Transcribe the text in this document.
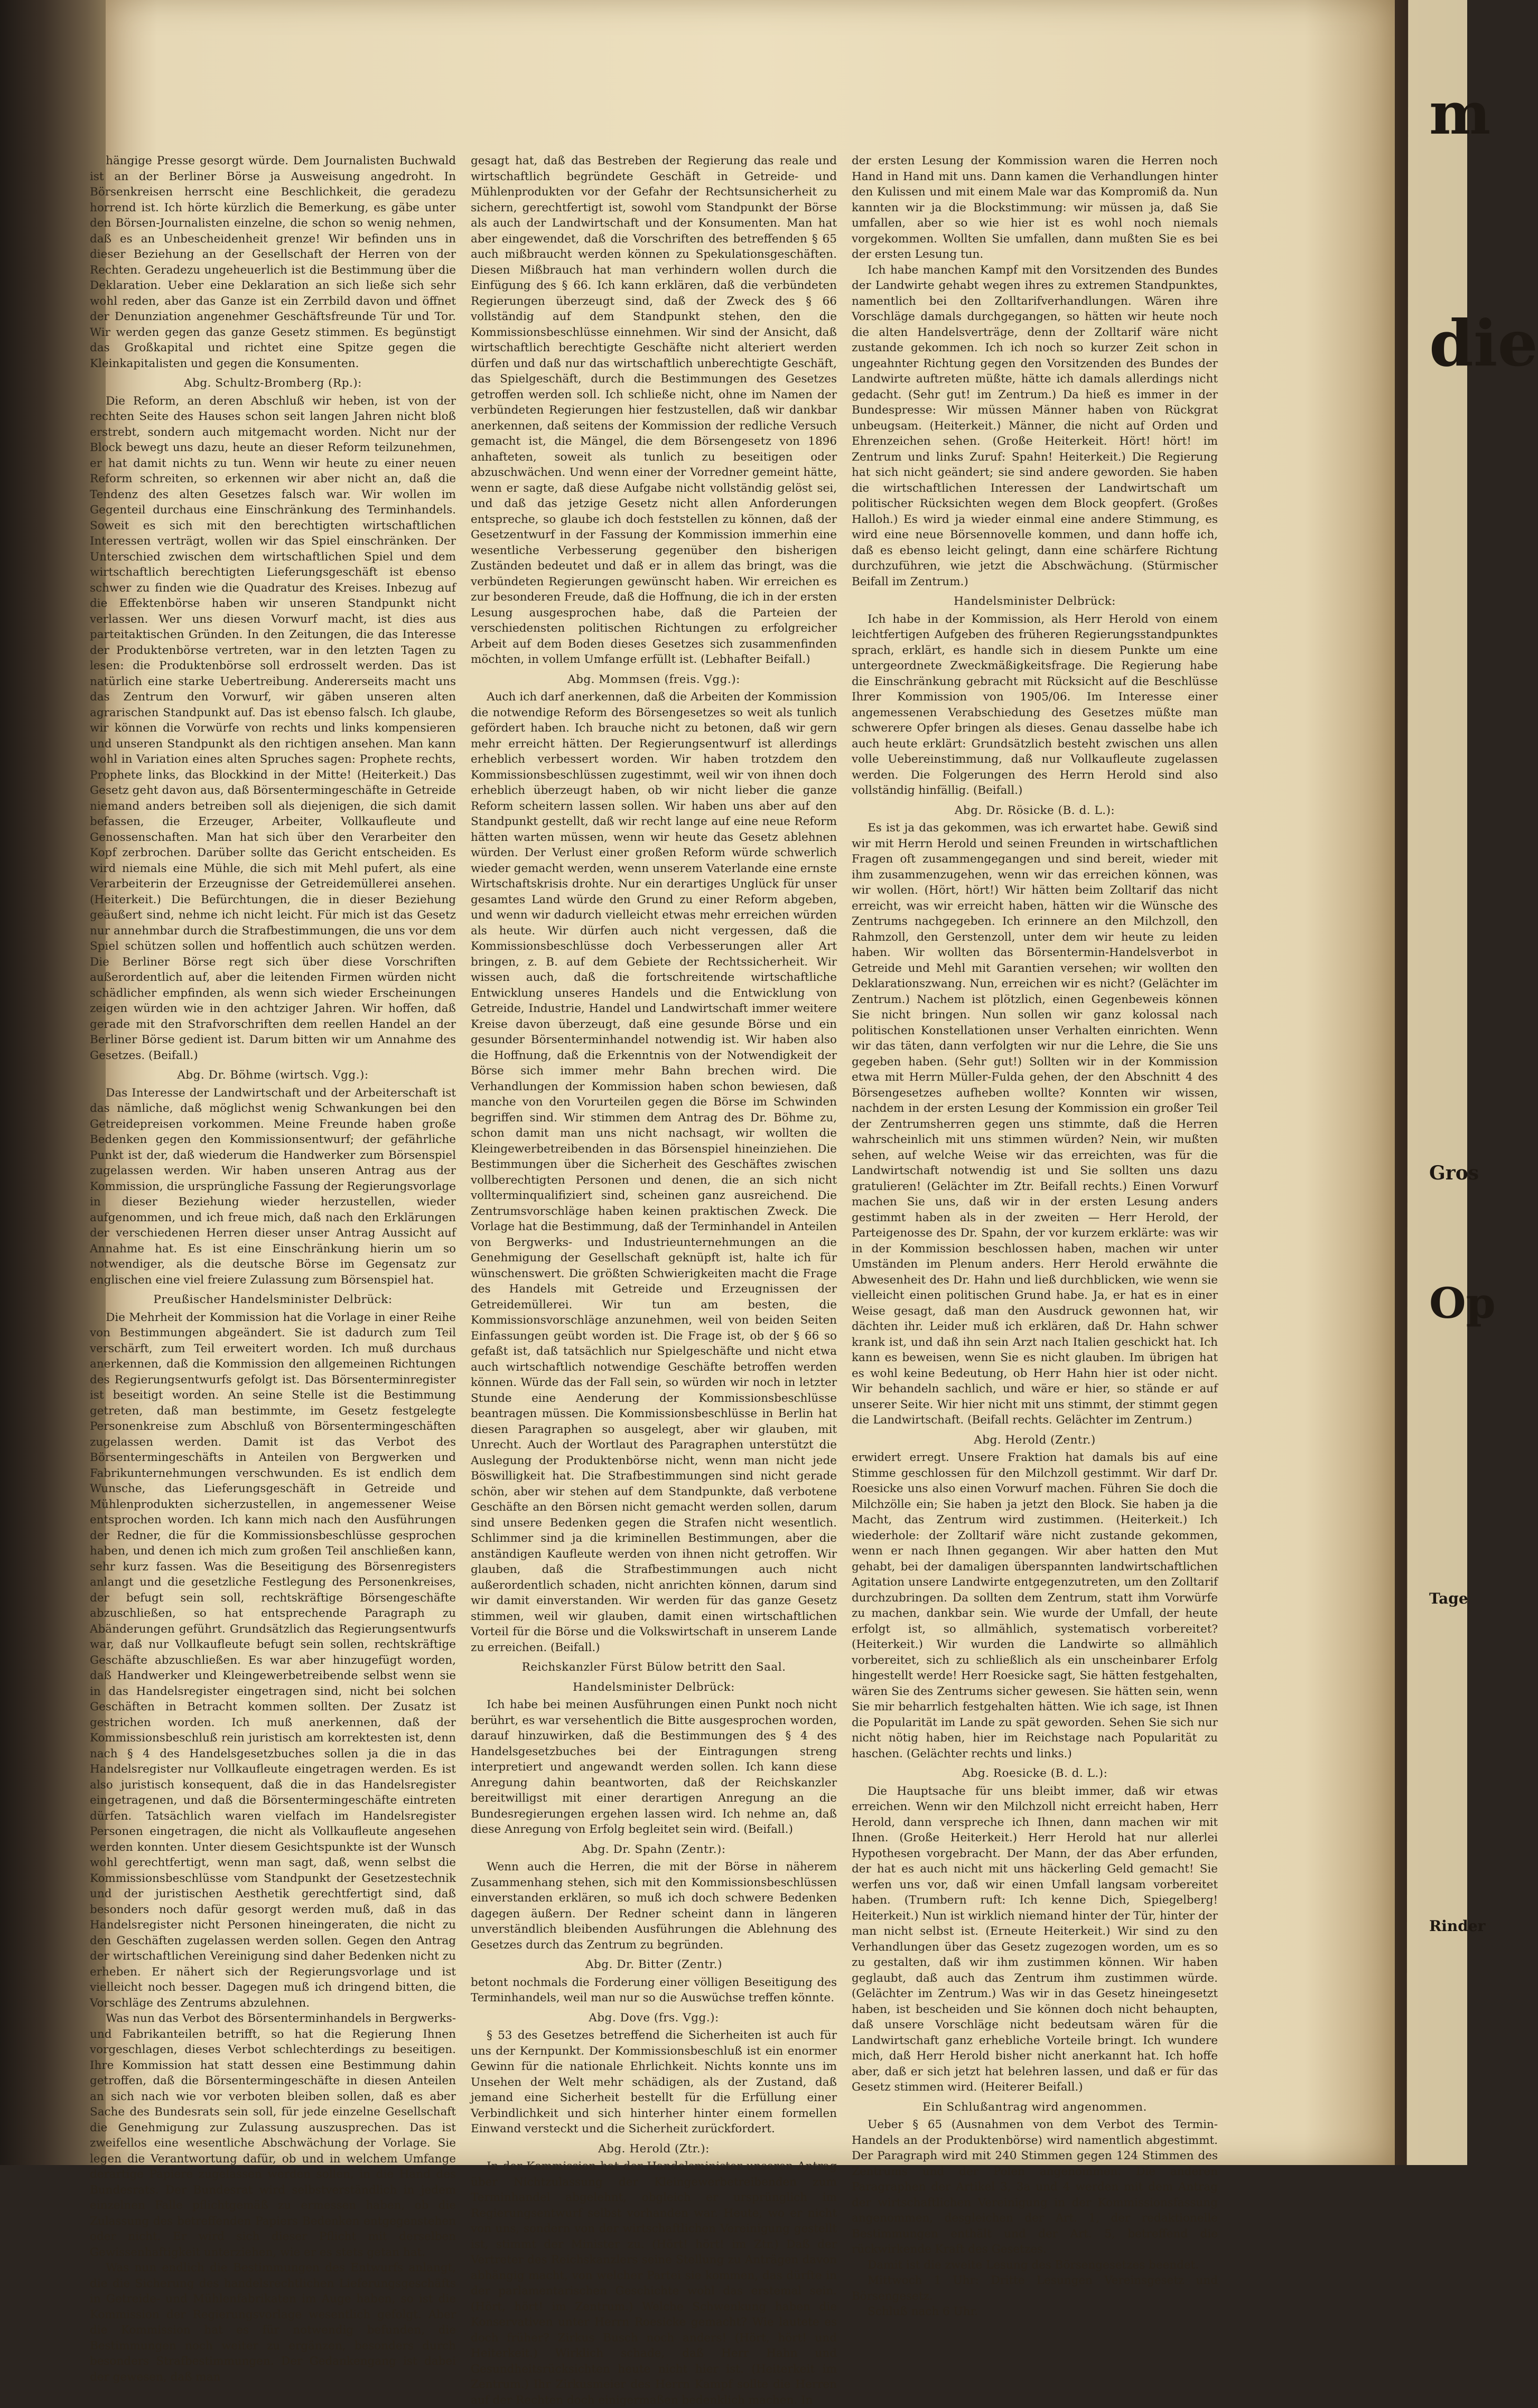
m
die
Gros
Op
Tage
Rinder

hängige Presse gesorgt würde. Dem Journalisten Buchwald ist an der Berliner Börse ja Ausweisung angedroht. In Börsenkreisen herrscht eine Beschlichkeit, die geradezu horrend ist. Ich hörte kürzlich die Bemerkung, es gäbe unter den Börsen-Journalisten einzelne, die schon so wenig nehmen, daß es an Unbescheidenheit grenze! Wir befinden uns in dieser Beziehung an der Gesellschaft der Herren von der Rechten. Geradezu ungeheuerlich ist die Bestimmung über die Deklaration. Ueber eine Deklaration an sich ließe sich sehr wohl reden, aber das Ganze ist ein Zerrbild davon und öffnet der Denunziation angenehmer Geschäftsfreunde Tür und Tor. Wir werden gegen das ganze Gesetz stimmen. Es begünstigt das Großkapital und richtet eine Spitze gegen die Kleinkapitalisten und gegen die Konsumenten.

Abg. Schultz-Bromberg (Rp.):

Die Reform, an deren Abschluß wir heben, ist von der rechten Seite des Hauses schon seit langen Jahren nicht bloß erstrebt, sondern auch mitgemacht worden. Nicht nur der Block bewegt uns dazu, heute an dieser Reform teilzunehmen, er hat damit nichts zu tun. Wenn wir heute zu einer neuen Reform schreiten, so erkennen wir aber nicht an, daß die Tendenz des alten Gesetzes falsch war. Wir wollen im Gegenteil durchaus eine Einschränkung des Terminhandels. Soweit es sich mit den berechtigten wirtschaftlichen Interessen verträgt, wollen wir das Spiel einschränken. Der Unterschied zwischen dem wirtschaftlichen Spiel und dem wirtschaftlich berechtigten Lieferungsgeschäft ist ebenso schwer zu finden wie die Quadratur des Kreises. Inbezug auf die Effektenbörse haben wir unseren Standpunkt nicht verlassen. Wer uns diesen Vorwurf macht, ist dies aus parteitaktischen Gründen. In den Zeitungen, die das Interesse der Produktenbörse vertreten, war in den letzten Tagen zu lesen: die Produktenbörse soll erdrosselt werden. Das ist natürlich eine starke Uebertreibung. Andererseits macht uns das Zentrum den Vorwurf, wir gäben unseren alten agrarischen Standpunkt auf. Das ist ebenso falsch. Ich glaube, wir können die Vorwürfe von rechts und links kompensieren und unseren Standpunkt als den richtigen ansehen. Man kann wohl in Variation eines alten Spruches sagen: Prophete rechts, Prophete links, das Blockkind in der Mitte! (Heiterkeit.) Das Gesetz geht davon aus, daß Börsentermingeschäfte in Getreide niemand anders betreiben soll als diejenigen, die sich damit befassen, die Erzeuger, Arbeiter, Vollkaufleute und Genossenschaften. Man hat sich über den Verarbeiter den Kopf zerbrochen. Darüber sollte das Gericht entscheiden. Es wird niemals eine Mühle, die sich mit Mehl pufert, als eine Verarbeiterin der Erzeugnisse der Getreidemüllerei ansehen. (Heiterkeit.) Die Befürchtungen, die in dieser Beziehung geäußert sind, nehme ich nicht leicht. Für mich ist das Gesetz nur annehmbar durch die Strafbestimmungen, die uns vor dem Spiel schützen sollen und hoffentlich auch schützen werden. Die Berliner Börse regt sich über diese Vorschriften außerordentlich auf, aber die leitenden Firmen würden nicht schädlicher empfinden, als wenn sich wieder Erscheinungen zeigen würden wie in den achtziger Jahren. Wir hoffen, daß gerade mit den Strafvorschriften dem reellen Handel an der Berliner Börse gedient ist. Darum bitten wir um Annahme des Gesetzes. (Beifall.)

Abg. Dr. Böhme (wirtsch. Vgg.):

Das Interesse der Landwirtschaft und der Arbeiterschaft ist das nämliche, daß möglichst wenig Schwankungen bei den Getreidepreisen vorkommen. Meine Freunde haben große Bedenken gegen den Kommissionsentwurf; der gefährliche Punkt ist der, daß wiederum die Handwerker zum Börsenspiel zugelassen werden. Wir haben unseren Antrag aus der Kommission, die ursprüngliche Fassung der Regierungsvorlage in dieser Beziehung wieder herzustellen, wieder aufgenommen, und ich freue mich, daß nach den Erklärungen der verschiedenen Herren dieser unser Antrag Aussicht auf Annahme hat. Es ist eine Einschränkung hierin um so notwendiger, als die deutsche Börse im Gegensatz zur englischen eine viel freiere Zulassung zum Börsenspiel hat.

Preußischer Handelsminister Delbrück:

Die Mehrheit der Kommission hat die Vorlage in einer Reihe von Bestimmungen abgeändert. Sie ist dadurch zum Teil verschärft, zum Teil erweitert worden. Ich muß durchaus anerkennen, daß die Kommission den allgemeinen Richtungen des Regierungsentwurfs gefolgt ist. Das Börsenterminregister ist beseitigt worden. An seine Stelle ist die Bestimmung getreten, daß man bestimmte, im Gesetz festgelegte Personenkreise zum Abschluß von Börsentermingeschäften zugelassen werden. Damit ist das Verbot des Börsentermingeschäfts in Anteilen von Bergwerken und Fabrikunternehmungen verschwunden. Es ist endlich dem Wunsche, das Lieferungsgeschäft in Getreide und Mühlenprodukten sicherzustellen, in angemessener Weise entsprochen worden. Ich kann mich nach den Ausführungen der Redner, die für die Kommissionsbeschlüsse gesprochen haben, und denen ich mich zum großen Teil anschließen kann, sehr kurz fassen. Was die Beseitigung des Börsenregisters anlangt und die gesetzliche Festlegung des Personenkreises, der befugt sein soll, rechtskräftige Börsengeschäfte abzuschließen, so hat entsprechende Paragraph zu Abänderungen geführt. Grundsätzlich das Regierungsentwurfs war, daß nur Vollkaufleute befugt sein sollen, rechtskräftige Geschäfte abzuschließen. Es war aber hinzugefügt worden, daß Handwerker und Kleingewerbetreibende selbst wenn sie in das Handelsregister eingetragen sind, nicht bei solchen Geschäften in Betracht kommen sollten. Der Zusatz ist gestrichen worden. Ich muß anerkennen, daß der Kommissionsbeschluß rein juristisch am korrektesten ist, denn nach § 4 des Handelsgesetzbuches sollen ja die in das Handelsregister nur Vollkaufleute eingetragen werden. Es ist also juristisch konsequent, daß die in das Handelsregister eingetragenen, und daß die Börsentermingeschäfte eintreten dürfen. Tatsächlich waren vielfach im Handelsregister Personen eingetragen, die nicht als Vollkaufleute angesehen werden konnten. Unter diesem Gesichtspunkte ist der Wunsch wohl gerechtfertigt, wenn man sagt, daß, wenn selbst die Kommissionsbeschlüsse vom Standpunkt der Gesetzestechnik und der juristischen Aesthetik gerechtfertigt sind, daß besonders noch dafür gesorgt werden muß, daß in das Handelsregister nicht Personen hineingeraten, die nicht zu den Geschäften zugelassen werden sollen. Gegen den Antrag der wirtschaftlichen Vereinigung sind daher Bedenken nicht zu erheben. Er nähert sich der Regierungsvorlage und ist vielleicht noch besser. Dagegen muß ich dringend bitten, die Vorschläge des Zentrums abzulehnen.

Was nun das Verbot des Börsenterminhandels in Bergwerks- und Fabrikanteilen betrifft, so hat die Regierung Ihnen vorgeschlagen, dieses Verbot schlechterdings zu beseitigen. Ihre Kommission hat statt dessen eine Bestimmung dahin getroffen, daß die Börsentermingeschäfte in diesen Anteilen an sich nach wie vor verboten bleiben sollen, daß es aber Sache des Bundesrats sein soll, für jede einzelne Gesellschaft die Genehmigung zur Zulassung auszusprechen. Das ist zweifellos eine wesentliche Abschwächung der Vorlage. Sie legen die Verantwortung dafür, ob und in welchem Umfange derartige Papiere zugelassen werden sollen, in die Hand des Bundesrats. Der Bundesrat wird selbstverständlich in jedem einzelnen Falle pflichtgemäß zu ermessen haben, ob die Zulassung des betreffenden Papiers Bedenken entgegenstehen oder nicht. Er wird sich dieser Pflicht mit derselben Gewissenhaftigkeit unterziehen, wie er es stets getan hat.

Was nun endlich die Bestimmungen des Entwurfs anlangt, die die Sicherung des handelsrechtlichen Lieferungsgeschäfts in Getreide- und Mühlenfabrikaten im Auge haben, so ist die Kommission der Regierungsvorlage wesentlich gefolgt. Aber die Kommission hat es für notwendig befunden, die Bestimmungen noch weiter zu ergänzen, besonders durch besonders Strafbestimmungen. Der Gedankengang ist dabei der gewesen, daß man

gesagt hat, daß das Bestreben der Regierung das reale und wirtschaftlich begründete Geschäft in Getreide- und Mühlenprodukten vor der Gefahr der Rechtsunsicherheit zu sichern, gerechtfertigt ist, sowohl vom Standpunkt der Börse als auch der Landwirtschaft und der Konsumenten. Man hat aber eingewendet, daß die Vorschriften des betreffenden § 65 auch mißbraucht werden können zu Spekulationsgeschäften. Diesen Mißbrauch hat man verhindern wollen durch die Einfügung des § 66. Ich kann erklären, daß die verbündeten Regierungen überzeugt sind, daß der Zweck des § 66 vollständig auf dem Standpunkt stehen, den die Kommissionsbeschlüsse einnehmen. Wir sind der Ansicht, daß wirtschaftlich berechtigte Geschäfte nicht alteriert werden dürfen und daß nur das wirtschaftlich unberechtigte Geschäft, das Spielgeschäft, durch die Bestimmungen des Gesetzes getroffen werden soll. Ich schließe nicht, ohne im Namen der verbündeten Regierungen hier festzustellen, daß wir dankbar anerkennen, daß seitens der Kommission der redliche Versuch gemacht ist, die Mängel, die dem Börsengesetz von 1896 anhafteten, soweit als tunlich zu beseitigen oder abzuschwächen. Und wenn einer der Vorredner gemeint hätte, wenn er sagte, daß diese Aufgabe nicht vollständig gelöst sei, und daß das jetzige Gesetz nicht allen Anforderungen entspreche, so glaube ich doch feststellen zu können, daß der Gesetzentwurf in der Fassung der Kommission immerhin eine wesentliche Verbesserung gegenüber den bisherigen Zuständen bedeutet und daß er in allem das bringt, was die verbündeten Regierungen gewünscht haben. Wir erreichen es zur besonderen Freude, daß die Hoffnung, die ich in der ersten Lesung ausgesprochen habe, daß die Parteien der verschiedensten politischen Richtungen zu erfolgreicher Arbeit auf dem Boden dieses Gesetzes sich zusammenfinden möchten, in vollem Umfange erfüllt ist. (Lebhafter Beifall.)

Abg. Mommsen (freis. Vgg.):

Auch ich darf anerkennen, daß die Arbeiten der Kommission die notwendige Reform des Börsengesetzes so weit als tunlich gefördert haben. Ich brauche nicht zu betonen, daß wir gern mehr erreicht hätten. Der Regierungsentwurf ist allerdings erheblich verbessert worden. Wir haben trotzdem den Kommissionsbeschlüssen zugestimmt, weil wir von ihnen doch erheblich überzeugt haben, ob wir nicht lieber die ganze Reform scheitern lassen sollen. Wir haben uns aber auf den Standpunkt gestellt, daß wir recht lange auf eine neue Reform hätten warten müssen, wenn wir heute das Gesetz ablehnen würden. Der Verlust einer großen Reform würde schwerlich wieder gemacht werden, wenn unserem Vaterlande eine ernste Wirtschaftskrisis drohte. Nur ein derartiges Unglück für unser gesamtes Land würde den Grund zu einer Reform abgeben, und wenn wir dadurch vielleicht etwas mehr erreichen würden als heute. Wir dürfen auch nicht vergessen, daß die Kommissionsbeschlüsse doch Verbesserungen aller Art bringen, z. B. auf dem Gebiete der Rechtssicherheit. Wir wissen auch, daß die fortschreitende wirtschaftliche Entwicklung unseres Handels und die Entwicklung von Getreide, Industrie, Handel und Landwirtschaft immer weitere Kreise davon überzeugt, daß eine gesunde Börse und ein gesunder Börsenterminhandel notwendig ist. Wir haben also die Hoffnung, daß die Erkenntnis von der Notwendigkeit der Börse sich immer mehr Bahn brechen wird. Die Verhandlungen der Kommission haben schon bewiesen, daß manche von den Vorurteilen gegen die Börse im Schwinden begriffen sind. Wir stimmen dem Antrag des Dr. Böhme zu, schon damit man uns nicht nachsagt, wir wollten die Kleingewerbetreibenden in das Börsenspiel hineinziehen. Die Bestimmungen über die Sicherheit des Geschäftes zwischen vollberechtigten Personen und denen, die an sich nicht vollterminqualifiziert sind, scheinen ganz ausreichend. Die Zentrumsvorschläge haben keinen praktischen Zweck. Die Vorlage hat die Bestimmung, daß der Terminhandel in Anteilen von Bergwerks- und Industrieunternehmungen an die Genehmigung der Gesellschaft geknüpft ist, halte ich für wünschenswert. Die größten Schwierigkeiten macht die Frage des Handels mit Getreide und Erzeugnissen der Getreidemüllerei. Wir tun am besten, die Kommissionsvorschläge anzunehmen, weil von beiden Seiten Einfassungen geübt worden ist. Die Frage ist, ob der § 66 so gefaßt ist, daß tatsächlich nur Spielgeschäfte und nicht etwa auch wirtschaftlich notwendige Geschäfte betroffen werden können. Würde das der Fall sein, so würden wir noch in letzter Stunde eine Aenderung der Kommissionsbeschlüsse beantragen müssen. Die Kommissionsbeschlüsse in Berlin hat diesen Paragraphen so ausgelegt, aber wir glauben, mit Unrecht. Auch der Wortlaut des Paragraphen unterstützt die Auslegung der Produktenbörse nicht, wenn man nicht jede Böswilligkeit hat. Die Strafbestimmungen sind nicht gerade schön, aber wir stehen auf dem Standpunkte, daß verbotene Geschäfte an den Börsen nicht gemacht werden sollen, darum sind unsere Bedenken gegen die Strafen nicht wesentlich. Schlimmer sind ja die kriminellen Bestimmungen, aber die anständigen Kaufleute werden von ihnen nicht getroffen. Wir glauben, daß die Strafbestimmungen auch nicht außerordentlich schaden, nicht anrichten können, darum sind wir damit einverstanden. Wir werden für das ganze Gesetz stimmen, weil wir glauben, damit einen wirtschaftlichen Vorteil für die Börse und die Volkswirtschaft in unserem Lande zu erreichen. (Beifall.)

Reichskanzler Fürst Bülow betritt den Saal.

Handelsminister Delbrück:

Ich habe bei meinen Ausführungen einen Punkt noch nicht berührt, es war versehentlich die Bitte ausgesprochen worden, darauf hinzuwirken, daß die Bestimmungen des § 4 des Handelsgesetzbuches bei der Eintragungen streng interpretiert und angewandt werden sollen. Ich kann diese Anregung dahin beantworten, daß der Reichskanzler bereitwilligst mit einer derartigen Anregung an die Bundesregierungen ergehen lassen wird. Ich nehme an, daß diese Anregung von Erfolg begleitet sein wird. (Beifall.)

Abg. Dr. Spahn (Zentr.):

Wenn auch die Herren, die mit der Börse in näherem Zusammenhang stehen, sich mit den Kommissionsbeschlüssen einverstanden erklären, so muß ich doch schwere Bedenken dagegen äußern. Der Redner scheint dann in längeren unverständlich bleibenden Ausführungen die Ablehnung des Gesetzes durch das Zentrum zu begründen.

Abg. Dr. Bitter (Zentr.)

betont nochmals die Forderung einer völligen Beseitigung des Terminhandels, weil man nur so die Auswüchse treffen könnte.

Abg. Dove (frs. Vgg.):

§ 53 des Gesetzes betreffend die Sicherheiten ist auch für uns der Kernpunkt. Der Kommissionsbeschluß ist ein enormer Gewinn für die nationale Ehrlichkeit. Nichts konnte uns im Unsehen der Welt mehr schädigen, als der Zustand, daß jemand eine Sicherheit bestellt für die Erfüllung einer Verbindlichkeit und sich hinterher hinter einem formellen Einwand versteckt und die Sicherheit zurückfordert.

Abg. Herold (Ztr.):

In der Kommission hat der Handelsminister unseren Antrag über Nichtzulassung der Kleingewerbetreibenden zum Terminhandel abgelehnt, obgleich er ursprünglich im Regierungsentwurf selbst vorhanden war. Heute, wo er nicht von uns, sondern von der wirtschaftlichen Vereinigung gestellt ist, stimmt der Minister zu. (Hört! hört! im Ztr.) Daß der Vertreter des Reichskanzlers seine Stellung zu Anträgen davon abhängig macht, von welcher Partei sie kommen, das dürfte in der parlamentarischen Geschichte wohl das erstemal sein. (Hört, hört! im Zentrum.) Welche Schwenkung haben die Konservativen unter Herrn Roesicke gemacht? Wie lautete es doch früher? Zirkus Busch noch anders! (Hört, hört! und Heiterkeit.) Wirklich schade, daß Herr Hahn und Gesundheitsrücksichten heute nicht hier ist. (Heiterkeit im Zentrum.) Ihr Zirkusmeier des Herrn Kampf sollte die Herren auf der Rechten doch einigermaßen bedenklich machen. In

der ersten Lesung der Kommission waren die Herren noch Hand in Hand mit uns. Dann kamen die Verhandlungen hinter den Kulissen und mit einem Male war das Kompromiß da. Nun kannten wir ja die Blockstimmung: wir müssen ja, daß Sie umfallen, aber so wie hier ist es wohl noch niemals vorgekommen. Wollten Sie umfallen, dann mußten Sie es bei der ersten Lesung tun.

Ich habe manchen Kampf mit den Vorsitzenden des Bundes der Landwirte gehabt wegen ihres zu extremen Standpunktes, namentlich bei den Zolltarifverhandlungen. Wären ihre Vorschläge damals durchgegangen, so hätten wir heute noch die alten Handelsverträge, denn der Zolltarif wäre nicht zustande gekommen. Ich ich noch so kurzer Zeit schon in ungeahnter Richtung gegen den Vorsitzenden des Bundes der Landwirte auftreten müßte, hätte ich damals allerdings nicht gedacht. (Sehr gut! im Zentrum.) Da hieß es immer in der Bundespresse: Wir müssen Männer haben von Rückgrat unbeugsam. (Heiterkeit.) Männer, die nicht auf Orden und Ehrenzeichen sehen. (Große Heiterkeit. Hört! hört! im Zentrum und links Zuruf: Spahn! Heiterkeit.) Die Regierung hat sich nicht geändert; sie sind andere geworden. Sie haben die wirtschaftlichen Interessen der Landwirtschaft um politischer Rücksichten wegen dem Block geopfert. (Großes Halloh.) Es wird ja wieder einmal eine andere Stimmung, es wird eine neue Börsennovelle kommen, und dann hoffe ich, daß es ebenso leicht gelingt, dann eine schärfere Richtung durchzuführen, wie jetzt die Abschwächung. (Stürmischer Beifall im Zentrum.)

Handelsminister Delbrück:

Ich habe in der Kommission, als Herr Herold von einem leichtfertigen Aufgeben des früheren Regierungsstandpunktes sprach, erklärt, es handle sich in diesem Punkte um eine untergeordnete Zweckmäßigkeitsfrage. Die Regierung habe die Einschränkung gebracht mit Rücksicht auf die Beschlüsse Ihrer Kommission von 1905/06. Im Interesse einer angemessenen Verabschiedung des Gesetzes müßte man schwerere Opfer bringen als dieses. Genau dasselbe habe ich auch heute erklärt: Grundsätzlich besteht zwischen uns allen volle Uebereinstimmung, daß nur Vollkaufleute zugelassen werden. Die Folgerungen des Herrn Herold sind also vollständig hinfällig. (Beifall.)

Abg. Dr. Rösicke (B. d. L.):

Es ist ja das gekommen, was ich erwartet habe. Gewiß sind wir mit Herrn Herold und seinen Freunden in wirtschaftlichen Fragen oft zusammengegangen und sind bereit, wieder mit ihm zusammenzugehen, wenn wir das erreichen können, was wir wollen. (Hört, hört!) Wir hätten beim Zolltarif das nicht erreicht, was wir erreicht haben, hätten wir die Wünsche des Zentrums nachgegeben. Ich erinnere an den Milchzoll, den Rahmzoll, den Gerstenzoll, unter dem wir heute zu leiden haben. Wir wollten das Börsentermin-Handelsverbot in Getreide und Mehl mit Garantien versehen; wir wollten den Deklarationszwang. Nun, erreichen wir es nicht? (Gelächter im Zentrum.) Nachem ist plötzlich, einen Gegenbeweis können Sie nicht bringen. Nun sollen wir ganz kolossal nach politischen Konstellationen unser Verhalten einrichten. Wenn wir das täten, dann verfolgten wir nur die Lehre, die Sie uns gegeben haben. (Sehr gut!) Sollten wir in der Kommission etwa mit Herrn Müller-Fulda gehen, der den Abschnitt 4 des Börsengesetzes aufheben wollte? Konnten wir wissen, nachdem in der ersten Lesung der Kommission ein großer Teil der Zentrumsherren gegen uns stimmte, daß die Herren wahrscheinlich mit uns stimmen würden? Nein, wir mußten sehen, auf welche Weise wir das erreichten, was für die Landwirtschaft notwendig ist und Sie sollten uns dazu gratulieren! (Gelächter im Ztr. Beifall rechts.) Einen Vorwurf machen Sie uns, daß wir in der ersten Lesung anders gestimmt haben als in der zweiten — Herr Herold, der Parteigenosse des Dr. Spahn, der vor kurzem erklärte: was wir in der Kommission beschlossen haben, machen wir unter Umständen im Plenum anders. Herr Herold erwähnte die Abwesenheit des Dr. Hahn und ließ durchblicken, wie wenn sie vielleicht einen politischen Grund habe. Ja, er hat es in einer Weise gesagt, daß man den Ausdruck gewonnen hat, wir dächten ihr. Leider muß ich erklären, daß Dr. Hahn schwer krank ist, und daß ihn sein Arzt nach Italien geschickt hat. Ich kann es beweisen, wenn Sie es nicht glauben. Im übrigen hat es wohl keine Bedeutung, ob Herr Hahn hier ist oder nicht. Wir behandeln sachlich, und wäre er hier, so stände er auf unserer Seite. Wir hier nicht mit uns stimmt, der stimmt gegen die Landwirtschaft. (Beifall rechts. Gelächter im Zentrum.)

Abg. Herold (Zentr.)

erwidert erregt. Unsere Fraktion hat damals bis auf eine Stimme geschlossen für den Milchzoll gestimmt. Wir darf Dr. Roesicke uns also einen Vorwurf machen. Führen Sie doch die Milchzölle ein; Sie haben ja jetzt den Block. Sie haben ja die Macht, das Zentrum wird zustimmen. (Heiterkeit.) Ich wiederhole: der Zolltarif wäre nicht zustande gekommen, wenn er nach Ihnen gegangen. Wir aber hatten den Mut gehabt, bei der damaligen überspannten landwirtschaftlichen Agitation unsere Landwirte entgegenzutreten, um den Zolltarif durchzubringen. Da sollten dem Zentrum, statt ihm Vorwürfe zu machen, dankbar sein. Wie wurde der Umfall, der heute erfolgt ist, so allmählich, systematisch vorbereitet? (Heiterkeit.) Wir wurden die Landwirte so allmählich vorbereitet, sich zu schließlich als ein unscheinbarer Erfolg hingestellt werde! Herr Roesicke sagt, Sie hätten festgehalten, wären Sie des Zentrums sicher gewesen. Sie hätten sein, wenn Sie mir beharrlich festgehalten hätten. Wie ich sage, ist Ihnen die Popularität im Lande zu spät geworden. Sehen Sie sich nur nicht nötig haben, hier im Reichstage nach Popularität zu haschen. (Gelächter rechts und links.)

Abg. Roesicke (B. d. L.):

Die Hauptsache für uns bleibt immer, daß wir etwas erreichen. Wenn wir den Milchzoll nicht erreicht haben, Herr Herold, dann verspreche ich Ihnen, dann machen wir mit Ihnen. (Große Heiterkeit.) Herr Herold hat nur allerlei Hypothesen vorgebracht. Der Mann, der das Aber erfunden, der hat es auch nicht mit uns häckerling Geld gemacht! Sie werfen uns vor, daß wir einen Umfall langsam vorbereitet haben. (Trumbern ruft: Ich kenne Dich, Spiegelberg! Heiterkeit.) Nun ist wirklich niemand hinter der Tür, hinter der man nicht selbst ist. (Erneute Heiterkeit.) Wir sind zu den Verhandlungen über das Gesetz zugezogen worden, um es so zu gestalten, daß wir ihm zustimmen können. Wir haben geglaubt, daß auch das Zentrum ihm zustimmen würde. (Gelächter im Zentrum.) Was wir in das Gesetz hineingesetzt haben, ist bescheiden und Sie können doch nicht behaupten, daß unsere Vorschläge nicht bedeutsam wären für die Landwirtschaft ganz erhebliche Vorteile bringt. Ich wundere mich, daß Herr Herold bisher nicht anerkannt hat. Ich hoffe aber, daß er sich jetzt hat belehren lassen, und daß er für das Gesetz stimmen wird. (Heiterer Beifall.)

Ein Schlußantrag wird angenommen.

Ueber § 65 (Ausnahmen von dem Verbot des Termin-Handels an der Produktenbörse) wird namentlich abgestimmt. Der Paragraph wird mit 240 Stimmen gegen 124 Stimmen des Zentrums und der Polen angenommen. Die anderen Paragraphen der Artikel 3, 3a und 4 werden mit dem Antrag der wirtschaftlichen Vereinigung in der Kommissionsfassung angenommen, desgleichen der Art. 1, der redaktionelle Bestimmungen enthält und der Art. 5, betreffend die rückwirkende Kraft des Gesetzes.

Damit ist die zweite Lesung des Börsengesetzes beendet.

Mittwoch 1 Uhr: Dritte Lesungen Vereinsgesetz und Börsengesetz.

Schluß nach 6 Uhr.
